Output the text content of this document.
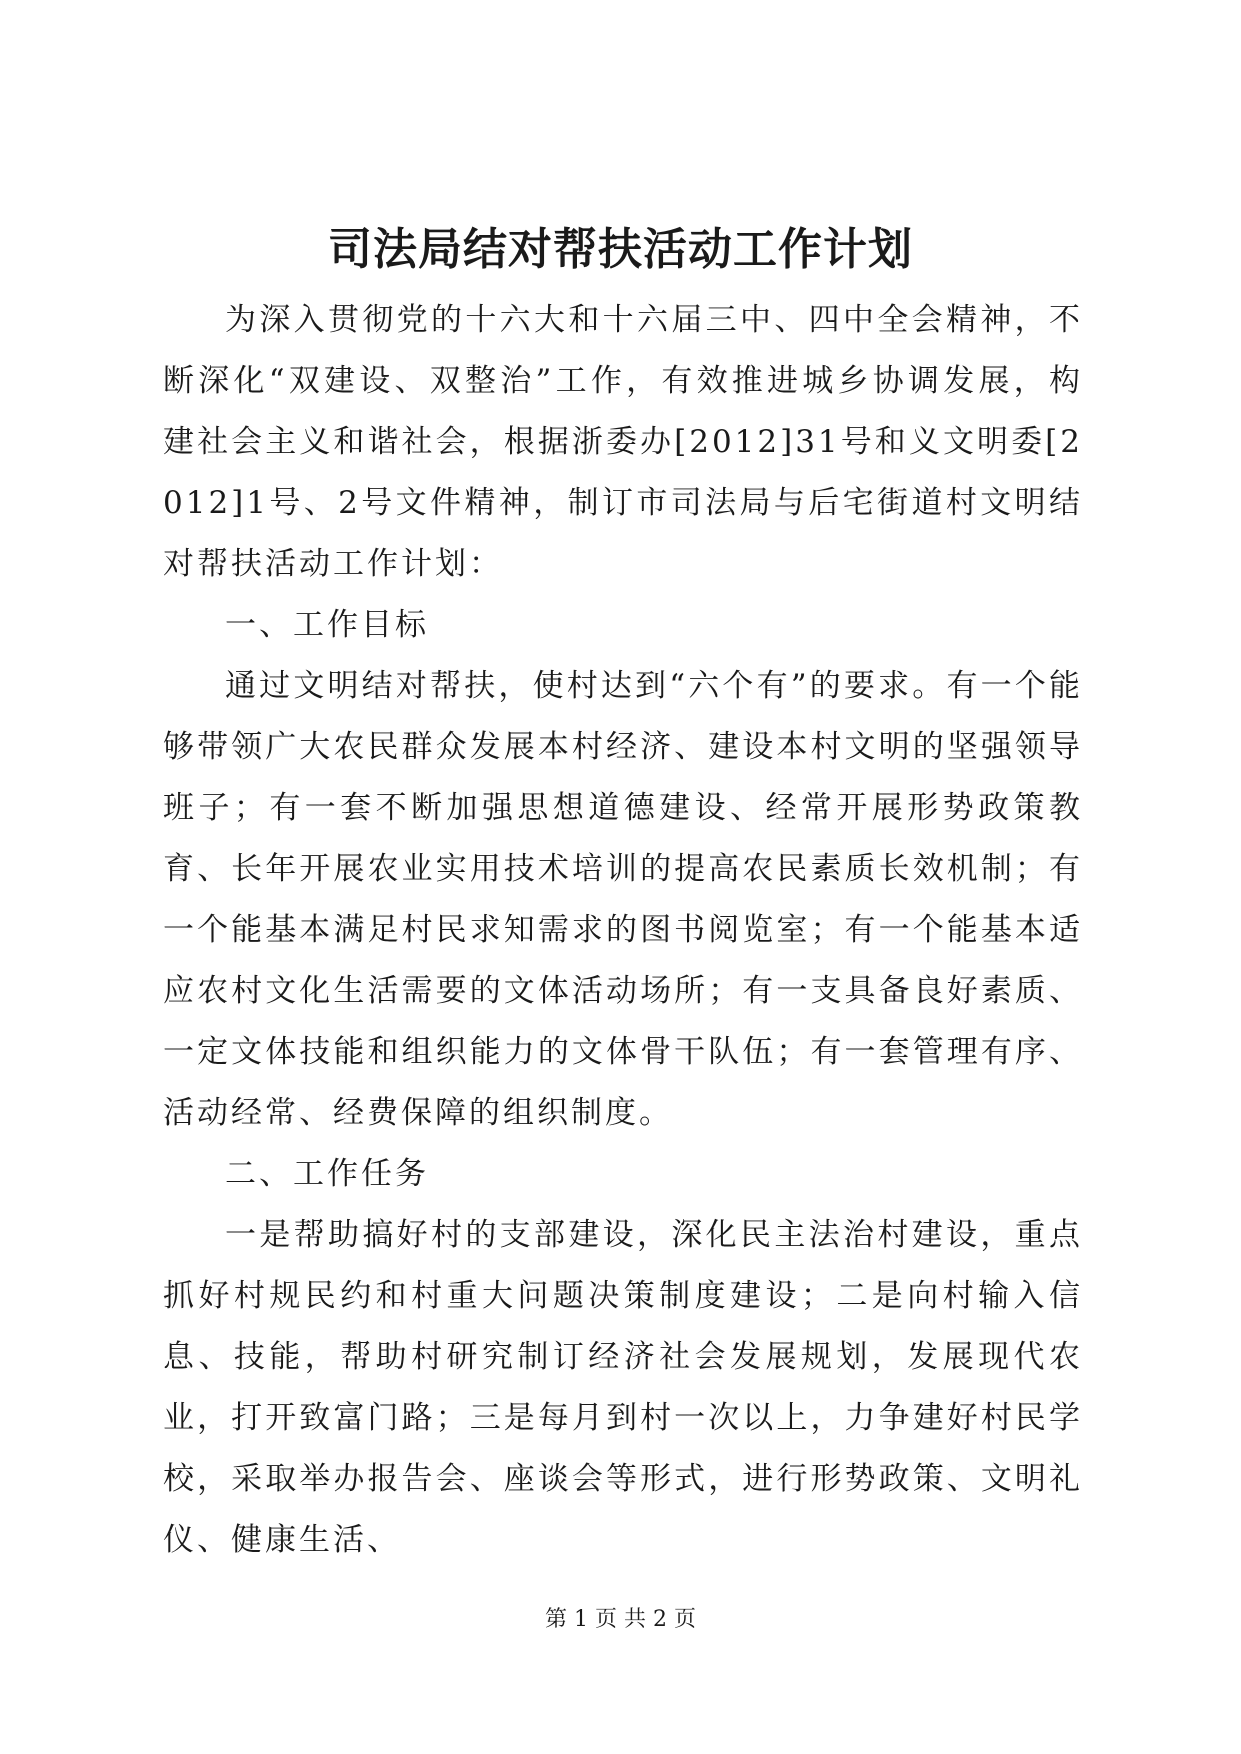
司法局结对帮扶活动工作计划

为深入贯彻党的十六大和十六届三中、四中全会精神，不断深化“双建设、双整治”工作，有效推进城乡协调发展，构建社会主义和谐社会，根据浙委办[2012]31号和义文明委[2012]1号、2号文件精神，制订市司法局与后宅街道村文明结对帮扶活动工作计划：

一、工作目标

通过文明结对帮扶，使村达到“六个有”的要求。有一个能够带领广大农民群众发展本村经济、建设本村文明的坚强领导班子；有一套不断加强思想道德建设、经常开展形势政策教育、长年开展农业实用技术培训的提高农民素质长效机制；有一个能基本满足村民求知需求的图书阅览室；有一个能基本适应农村文化生活需要的文体活动场所；有一支具备良好素质、一定文体技能和组织能力的文体骨干队伍；有一套管理有序、活动经常、经费保障的组织制度。

二、工作任务

一是帮助搞好村的支部建设，深化民主法治村建设，重点抓好村规民约和村重大问题决策制度建设；二是向村输入信息、技能，帮助村研究制订经济社会发展规划，发展现代农业，打开致富门路；三是每月到村一次以上，力争建好村民学校，采取举办报告会、座谈会等形式，进行形势政策、文明礼仪、健康生活、

第 1 页 共 2 页
